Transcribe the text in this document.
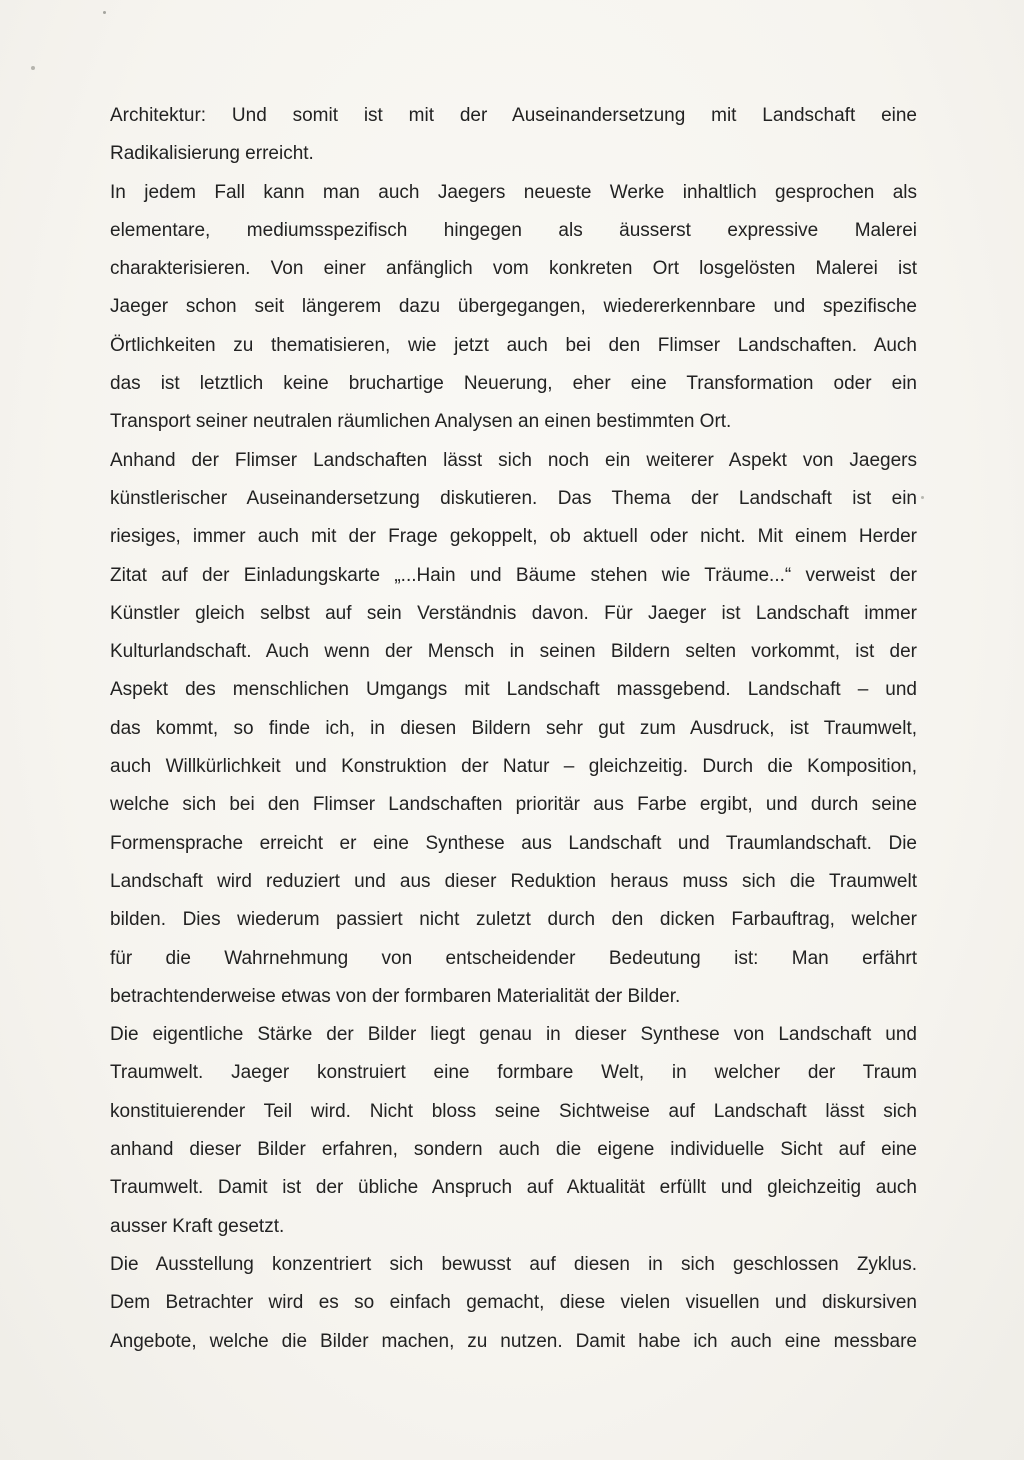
Architektur: Und somit ist mit der Auseinandersetzung mit Landschaft eine
Radikalisierung erreicht.
In jedem Fall kann man auch Jaegers neueste Werke inhaltlich gesprochen als
elementare, mediumsspezifisch hingegen als äusserst expressive Malerei
charakterisieren. Von einer anfänglich vom konkreten Ort losgelösten Malerei ist
Jaeger schon seit längerem dazu übergegangen, wiedererkennbare und spezifische
Örtlichkeiten zu thematisieren, wie jetzt auch bei den Flimser Landschaften. Auch
das ist letztlich keine bruchartige Neuerung, eher eine Transformation oder ein
Transport seiner neutralen räumlichen Analysen an einen bestimmten Ort.
Anhand der Flimser Landschaften lässt sich noch ein weiterer Aspekt von Jaegers
künstlerischer Auseinandersetzung diskutieren. Das Thema der Landschaft ist ein
riesiges, immer auch mit der Frage gekoppelt, ob aktuell oder nicht. Mit einem Herder
Zitat auf der Einladungskarte „...Hain und Bäume stehen wie Träume...“ verweist der
Künstler gleich selbst auf sein Verständnis davon. Für Jaeger ist Landschaft immer
Kulturlandschaft. Auch wenn der Mensch in seinen Bildern selten vorkommt, ist der
Aspekt des menschlichen Umgangs mit Landschaft massgebend. Landschaft – und
das kommt, so finde ich, in diesen Bildern sehr gut zum Ausdruck, ist Traumwelt,
auch Willkürlichkeit und Konstruktion der Natur – gleichzeitig. Durch die Komposition,
welche sich bei den Flimser Landschaften prioritär aus Farbe ergibt, und durch seine
Formensprache erreicht er eine Synthese aus Landschaft und Traumlandschaft. Die
Landschaft wird reduziert und aus dieser Reduktion heraus muss sich die Traumwelt
bilden. Dies wiederum passiert nicht zuletzt durch den dicken Farbauftrag, welcher
für die Wahrnehmung von entscheidender Bedeutung ist: Man erfährt
betrachtenderweise etwas von der formbaren Materialität der Bilder.
Die eigentliche Stärke der Bilder liegt genau in dieser Synthese von Landschaft und
Traumwelt. Jaeger konstruiert eine formbare Welt, in welcher der Traum
konstituierender Teil wird. Nicht bloss seine Sichtweise auf Landschaft lässt sich
anhand dieser Bilder erfahren, sondern auch die eigene individuelle Sicht auf eine
Traumwelt. Damit ist der übliche Anspruch auf Aktualität erfüllt und gleichzeitig auch
ausser Kraft gesetzt.
Die Ausstellung konzentriert sich bewusst auf diesen in sich geschlossen Zyklus.
Dem Betrachter wird es so einfach gemacht, diese vielen visuellen und diskursiven
Angebote, welche die Bilder machen, zu nutzen. Damit habe ich auch eine messbare
